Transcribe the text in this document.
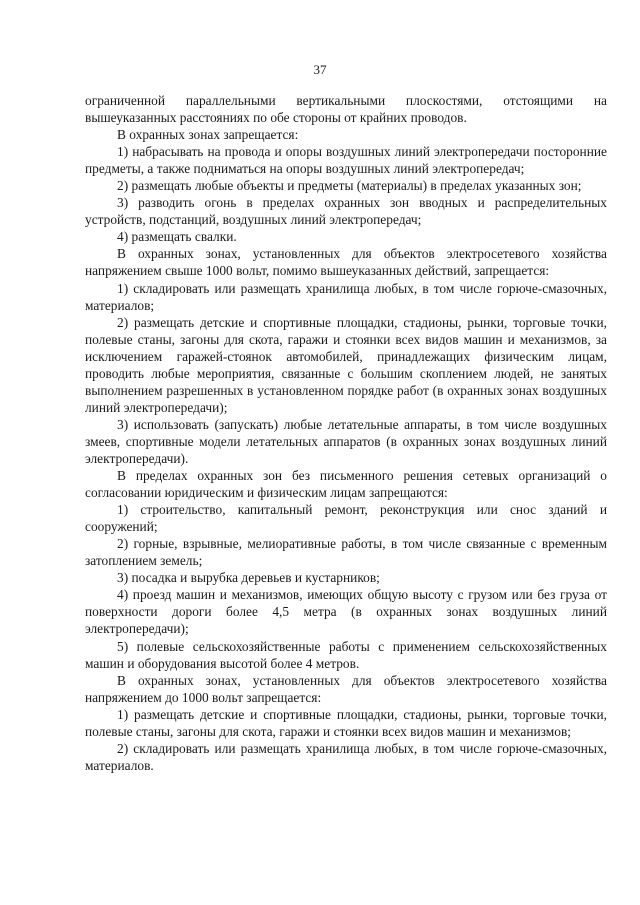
37

ограниченной параллельными вертикальными плоскостями, отстоящими на вышеуказанных расстояниях по обе стороны от крайних проводов.

В охранных зонах запрещается:

1) набрасывать на провода и опоры воздушных линий электропередачи посторонние предметы, а также подниматься на опоры воздушных линий электропередач;

2) размещать любые объекты и предметы (материалы) в пределах указанных зон;

3) разводить огонь в пределах охранных зон вводных и распределительных устройств, подстанций, воздушных линий электропередач;

4) размещать свалки.

В охранных зонах, установленных для объектов электросетевого хозяйства напряжением свыше 1000 вольт, помимо вышеуказанных действий, запрещается:

1) складировать или размещать хранилища любых, в том числе горюче-смазочных, материалов;

2) размещать детские и спортивные площадки, стадионы, рынки, торговые точки, полевые станы, загоны для скота, гаражи и стоянки всех видов машин и механизмов, за исключением гаражей-стоянок автомобилей, принадлежащих физическим лицам, проводить любые мероприятия, связанные с большим скоплением людей, не занятых выполнением разрешенных в установленном порядке работ (в охранных зонах воздушных линий электропередачи);

3) использовать (запускать) любые летательные аппараты, в том числе воздушных змеев, спортивные модели летательных аппаратов (в охранных зонах воздушных линий электропередачи).

В пределах охранных зон без письменного решения сетевых организаций о согласовании юридическим и физическим лицам запрещаются:

1) строительство, капитальный ремонт, реконструкция или снос зданий и сооружений;

2) горные, взрывные, мелиоративные работы, в том числе связанные с временным затоплением земель;

3) посадка и вырубка деревьев и кустарников;

4) проезд машин и механизмов, имеющих общую высоту с грузом или без груза от поверхности дороги более 4,5 метра (в охранных зонах воздушных линий электропередачи);

5) полевые сельскохозяйственные работы с применением сельскохозяйственных машин и оборудования высотой более 4 метров.

В охранных зонах, установленных для объектов электросетевого хозяйства напряжением до 1000 вольт запрещается:

1) размещать детские и спортивные площадки, стадионы, рынки, торговые точки, полевые станы, загоны для скота, гаражи и стоянки всех видов машин и механизмов;

2) складировать или размещать хранилища любых, в том числе горюче-смазочных, материалов.
